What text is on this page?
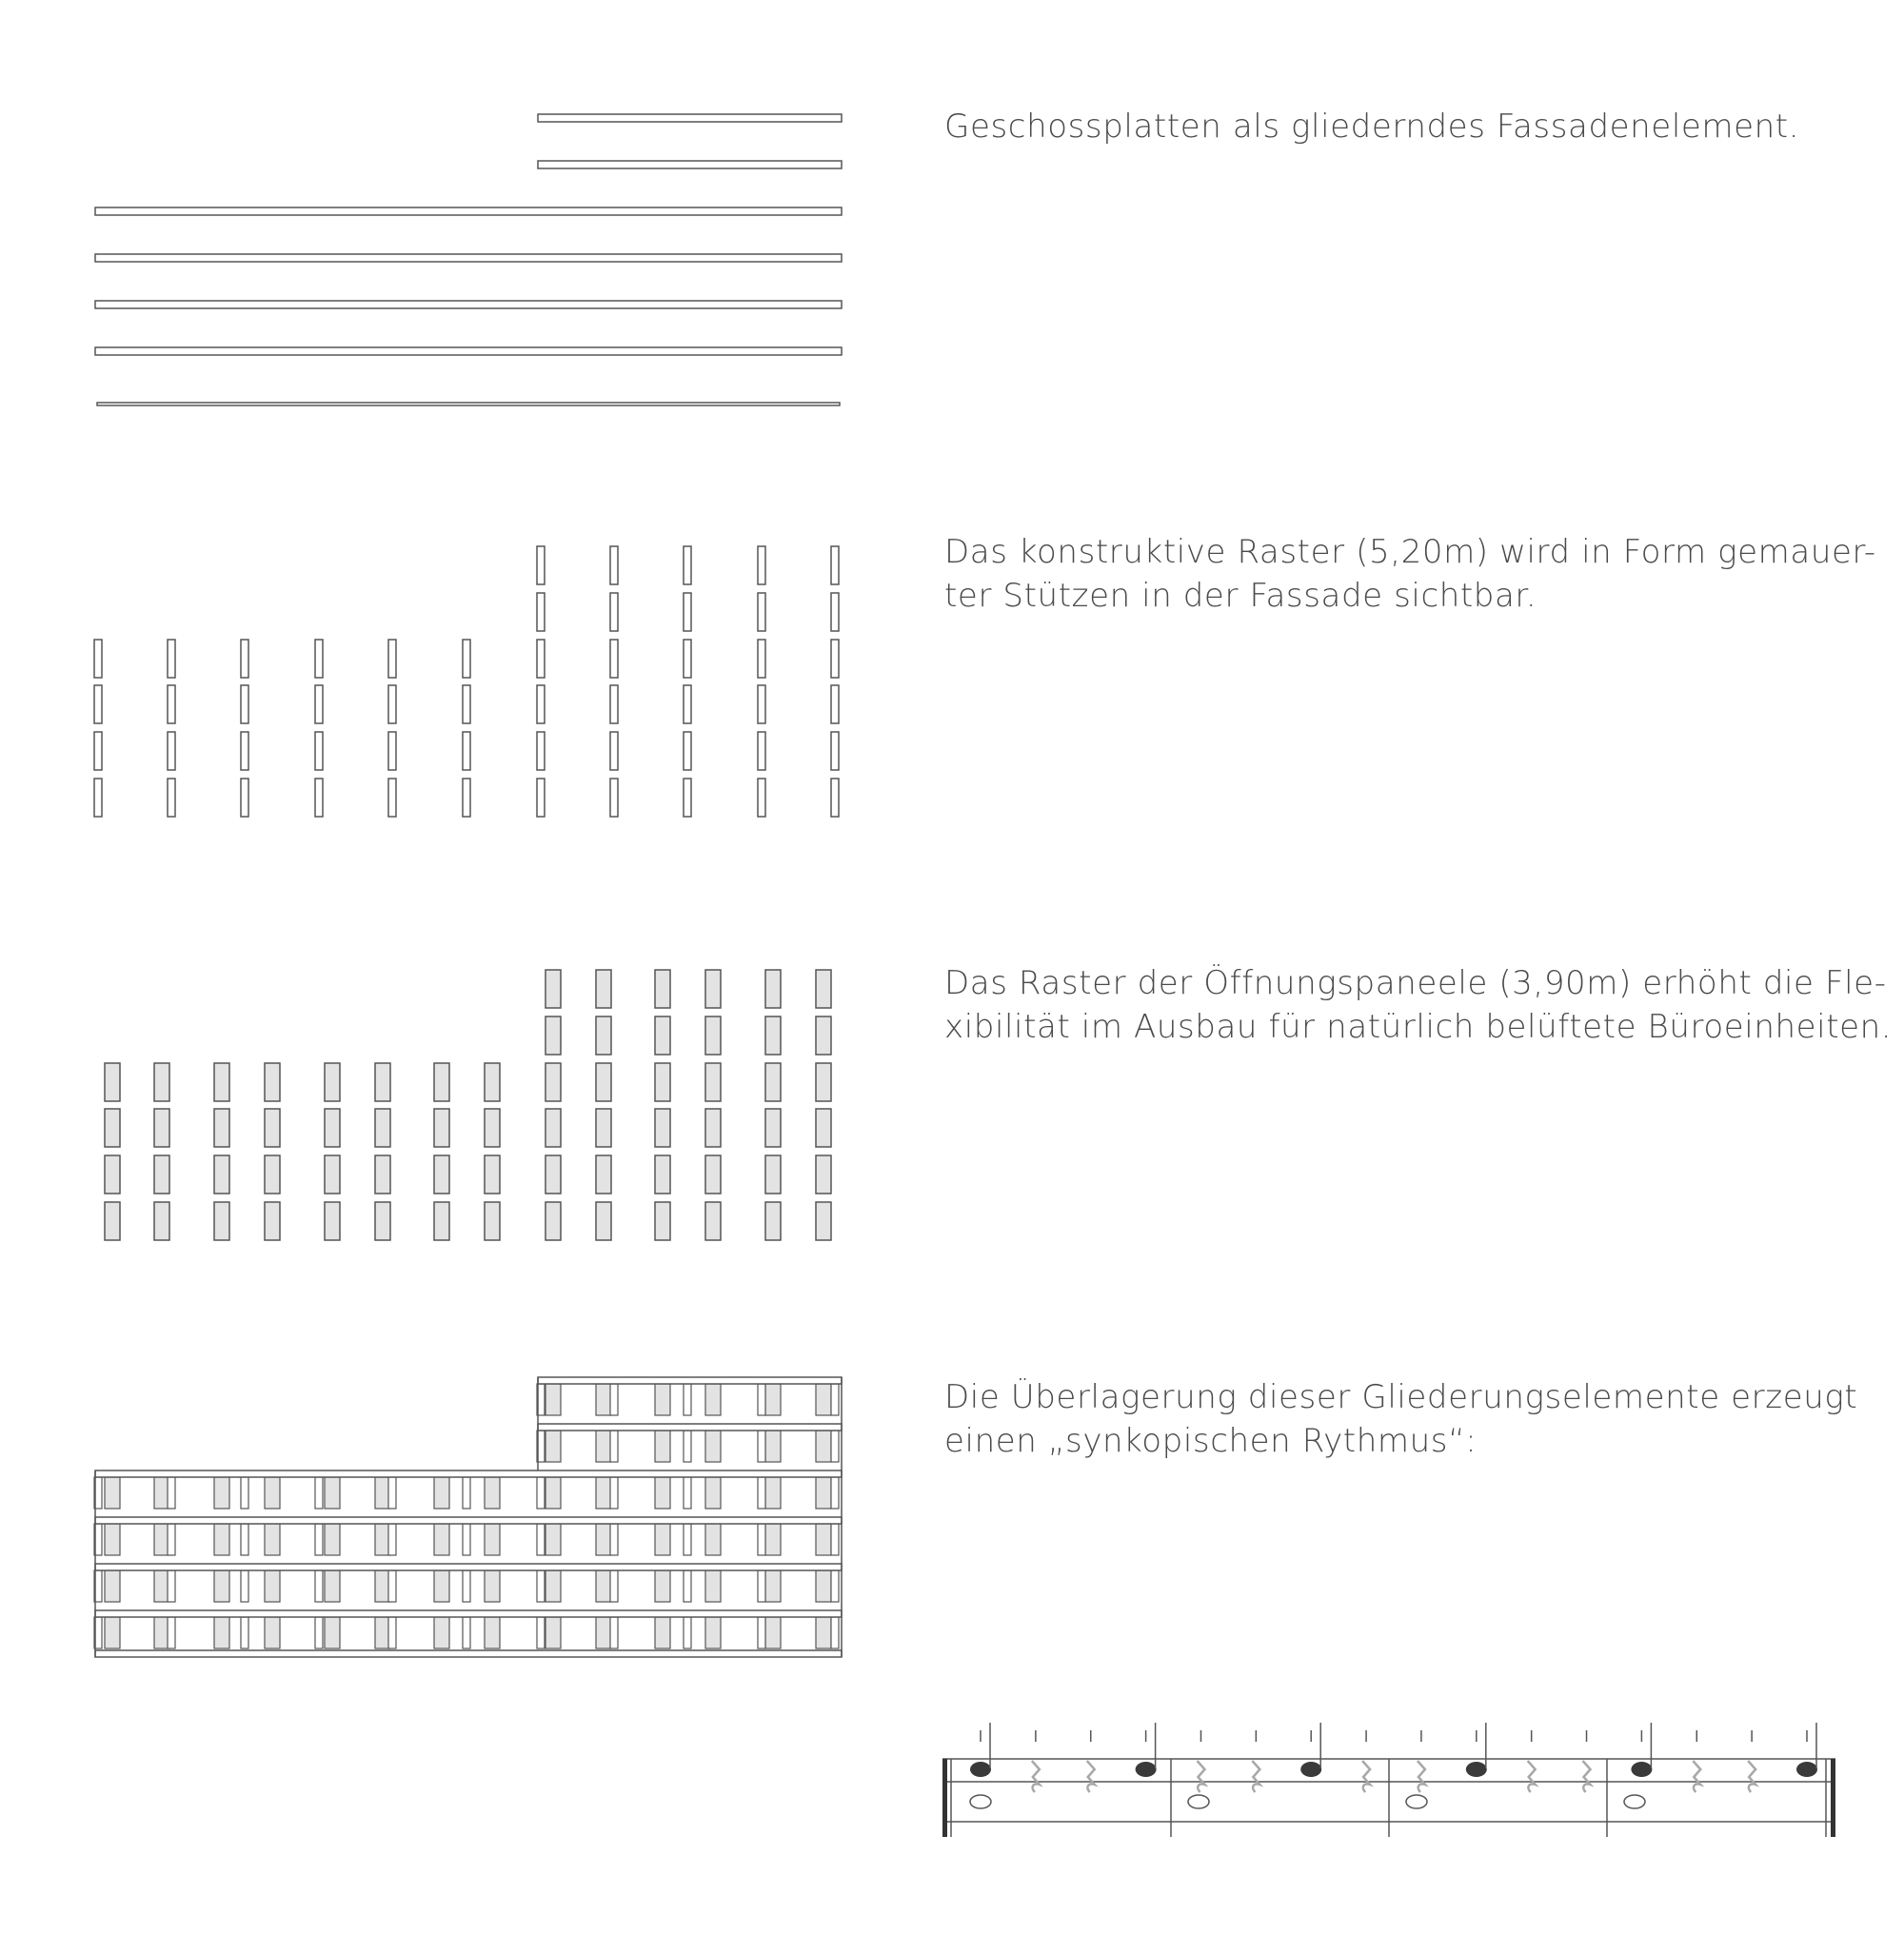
Geschossplatten als gliederndes Fassadenelement.
Das konstruktive Raster (5,20m) wird in Form gemauer-
ter Stützen in der Fassade sichtbar.
Das Raster der Öffnungspaneele (3,90m) erhöht die Fle-
xibilität im Ausbau für natürlich belüftete Büroeinheiten.
Die Überlagerung dieser Gliederungselemente erzeugt
einen „synkopischen Rythmus“:
